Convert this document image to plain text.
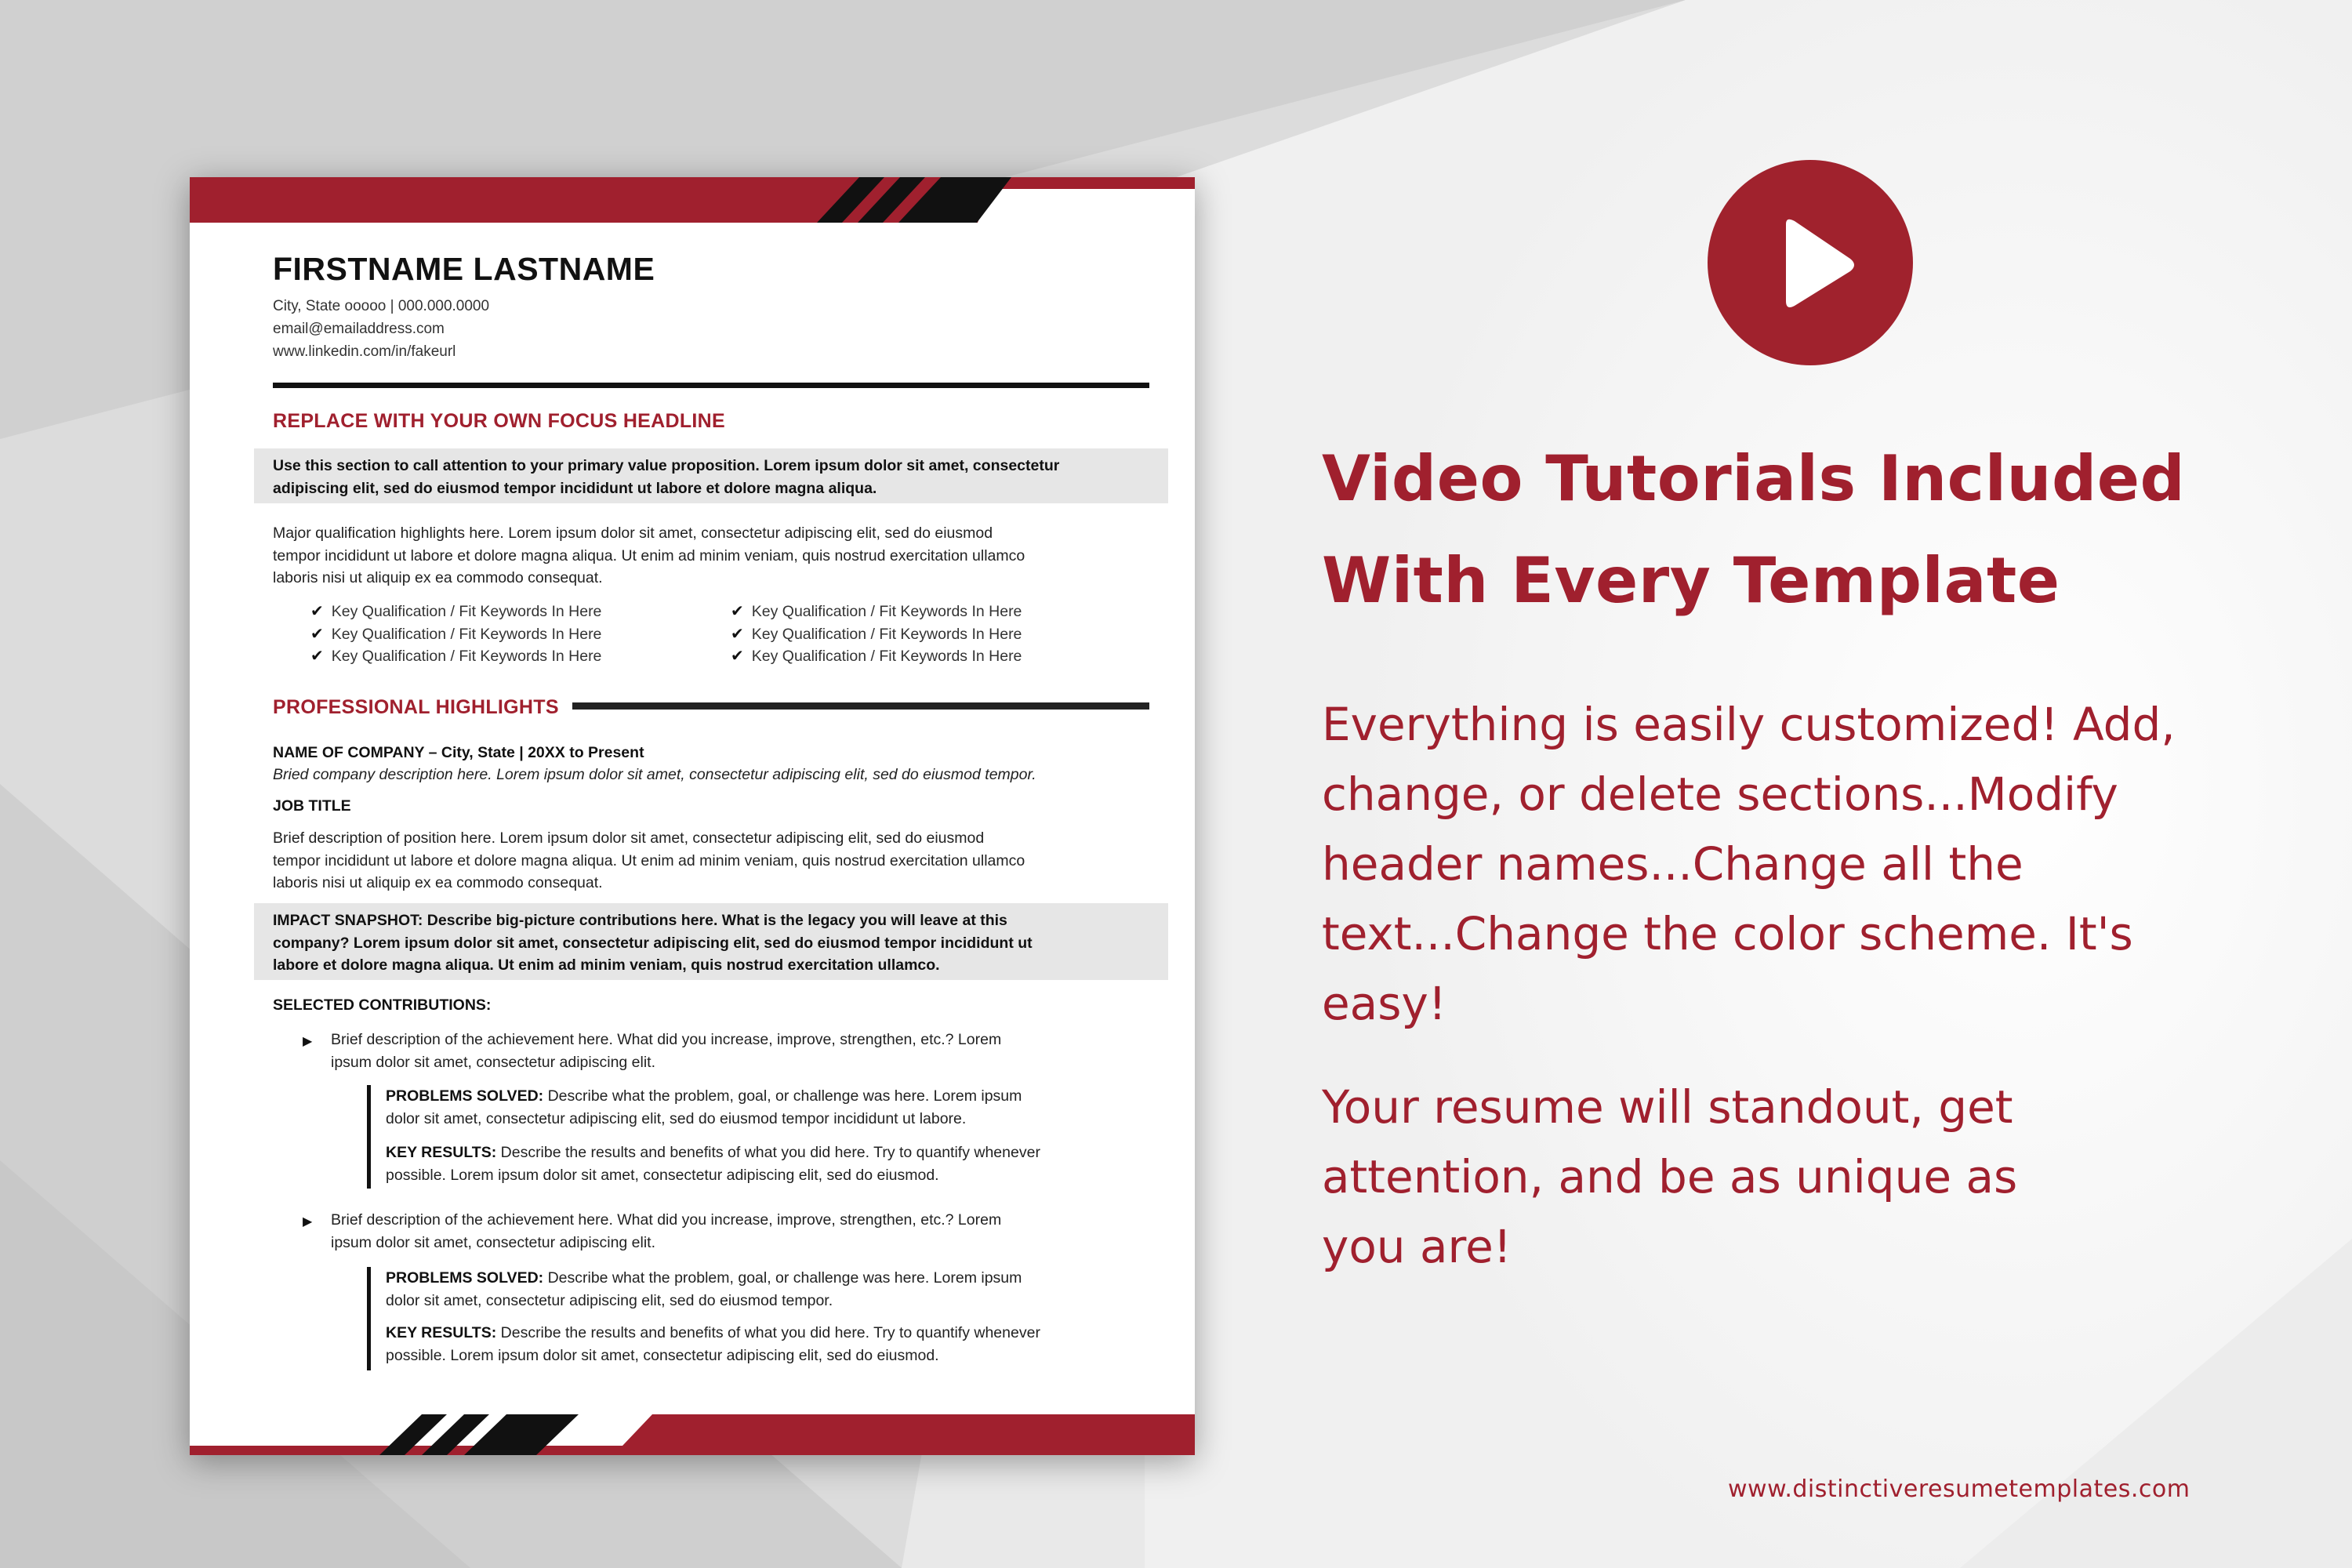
FIRSTNAME LASTNAME
City, State ooooo | 000.000.0000
email@emailaddress.com
www.linkedin.com/in/fakeurl
REPLACE WITH YOUR OWN FOCUS HEADLINE
Use this section to call attention to your primary value proposition. Lorem ipsum dolor sit amet, consectetur
adipiscing elit, sed do eiusmod tempor incididunt ut labore et dolore magna aliqua.
Major qualification highlights here. Lorem ipsum dolor sit amet, consectetur adipiscing elit, sed do eiusmod
tempor incididunt ut labore et dolore magna aliqua. Ut enim ad minim veniam, quis nostrud exercitation ullamco
laboris nisi ut aliquip ex ea commodo consequat.
✔ Key Qualification / Fit Keywords In Here
✔ Key Qualification / Fit Keywords In Here
✔ Key Qualification / Fit Keywords In Here
✔ Key Qualification / Fit Keywords In Here
✔ Key Qualification / Fit Keywords In Here
✔ Key Qualification / Fit Keywords In Here
PROFESSIONAL HIGHLIGHTS
NAME OF COMPANY – City, State | 20XX to Present
Bried company description here. Lorem ipsum dolor sit amet, consectetur adipiscing elit, sed do eiusmod tempor.
JOB TITLE
Brief description of position here. Lorem ipsum dolor sit amet, consectetur adipiscing elit, sed do eiusmod
tempor incididunt ut labore et dolore magna aliqua. Ut enim ad minim veniam, quis nostrud exercitation ullamco
laboris nisi ut aliquip ex ea commodo consequat.
IMPACT SNAPSHOT: Describe big-picture contributions here. What is the legacy you will leave at this
company? Lorem ipsum dolor sit amet, consectetur adipiscing elit, sed do eiusmod tempor incididunt ut
labore et dolore magna aliqua. Ut enim ad minim veniam, quis nostrud exercitation ullamco.
SELECTED CONTRIBUTIONS:
▶ Brief description of the achievement here. What did you increase, improve, strengthen, etc.? Lorem
ipsum dolor sit amet, consectetur adipiscing elit.
PROBLEMS SOLVED: Describe what the problem, goal, or challenge was here. Lorem ipsum
dolor sit amet, consectetur adipiscing elit, sed do eiusmod tempor incididunt ut labore.
KEY RESULTS: Describe the results and benefits of what you did here. Try to quantify whenever
possible. Lorem ipsum dolor sit amet, consectetur adipiscing elit, sed do eiusmod.
▶ Brief description of the achievement here. What did you increase, improve, strengthen, etc.? Lorem
ipsum dolor sit amet, consectetur adipiscing elit.
PROBLEMS SOLVED: Describe what the problem, goal, or challenge was here. Lorem ipsum
dolor sit amet, consectetur adipiscing elit, sed do eiusmod tempor.
KEY RESULTS: Describe the results and benefits of what you did here. Try to quantify whenever
possible. Lorem ipsum dolor sit amet, consectetur adipiscing elit, sed do eiusmod.
Video Tutorials Included
With Every Template
Everything is easily customized! Add,
change, or delete sections...Modify
header names...Change all the
text...Change the color scheme. It's
easy!
Your resume will standout, get
attention, and be as unique as
you are!
www.distinctiveresumetemplates.com
